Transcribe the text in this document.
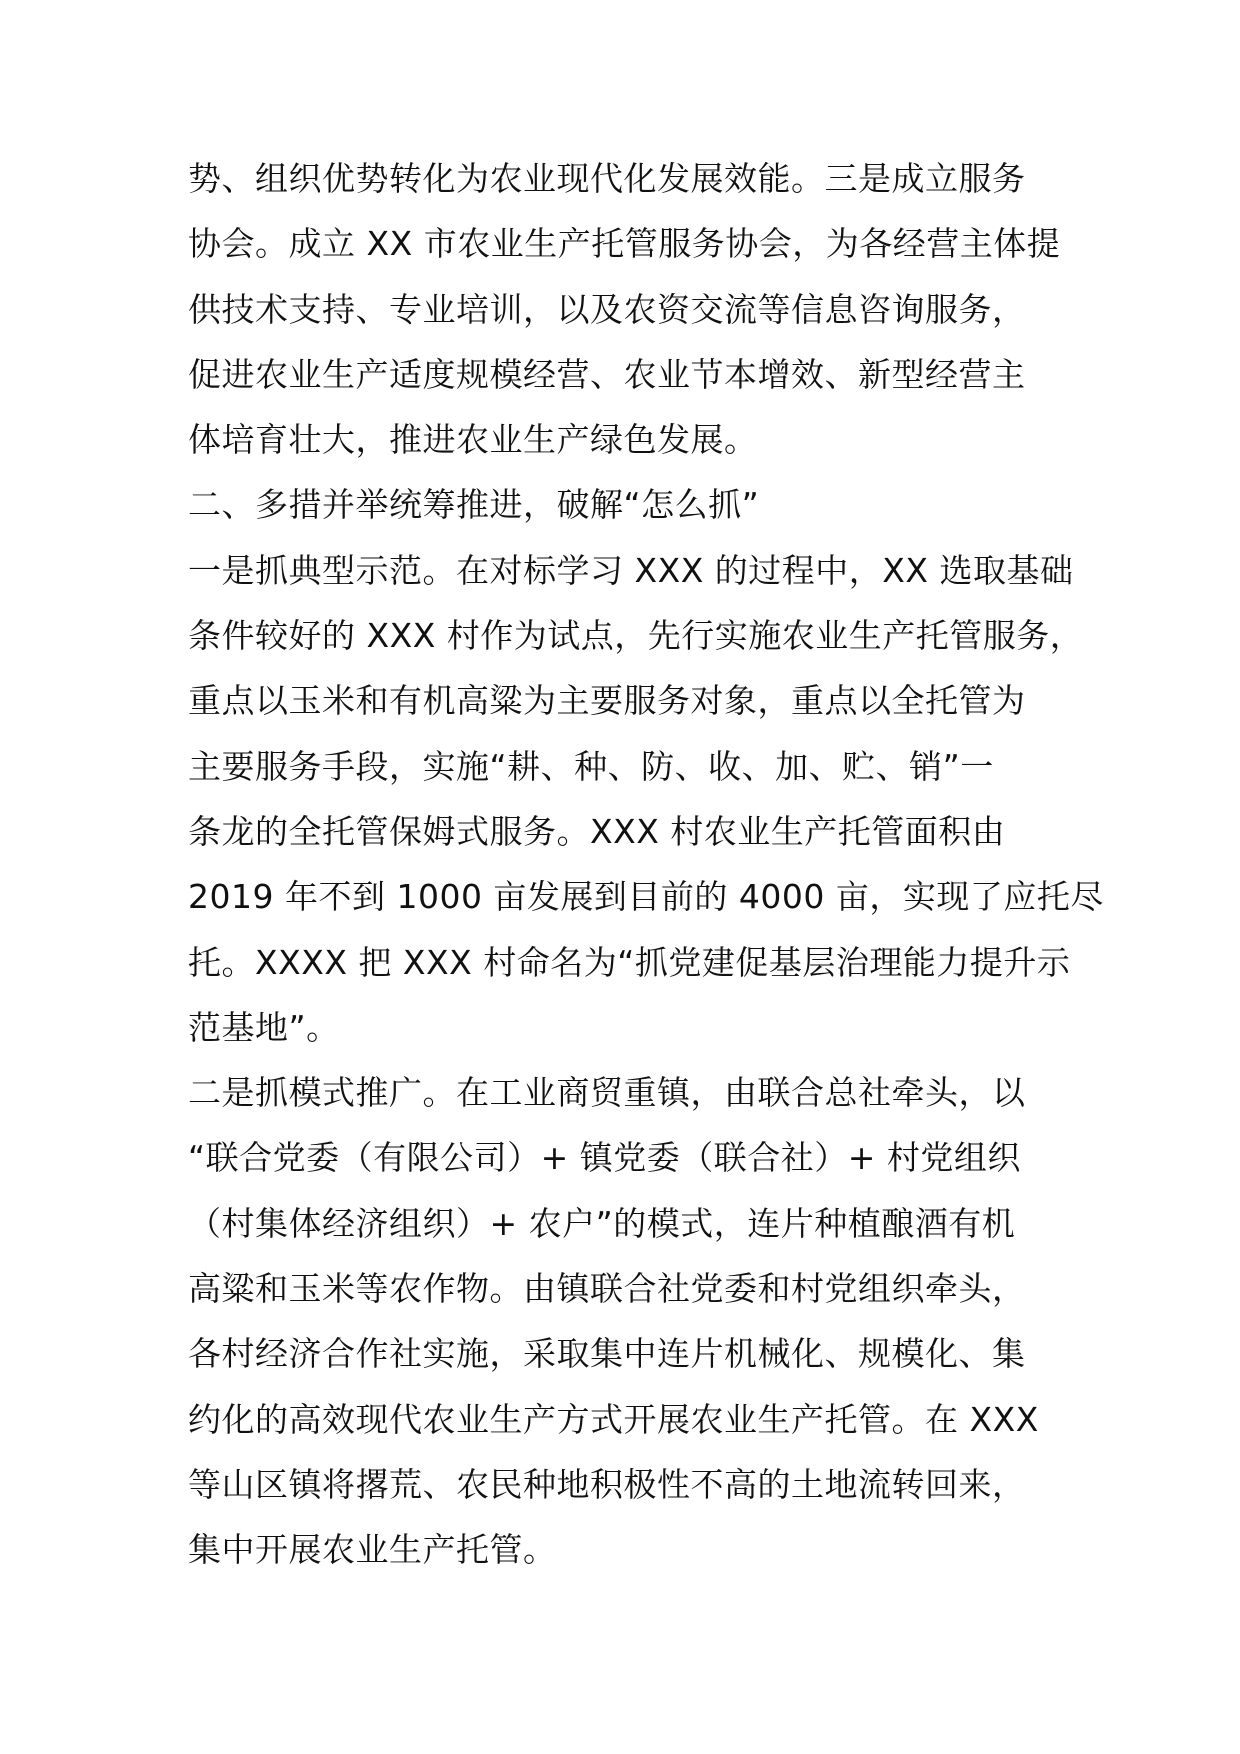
势、组织优势转化为农业现代化发展效能。三是成立服务
协会。成立 XX 市农业生产托管服务协会，为各经营主体提
供技术支持、专业培训，以及农资交流等信息咨询服务，
促进农业生产适度规模经营、农业节本增效、新型经营主
体培育壮大，推进农业生产绿色发展。
二、多措并举统筹推进，破解“怎么抓”
一是抓典型示范。在对标学习 XXX 的过程中，XX 选取基础
条件较好的 XXX 村作为试点，先行实施农业生产托管服务，
重点以玉米和有机高粱为主要服务对象，重点以全托管为
主要服务手段，实施“耕、种、防、收、加、贮、销”一
条龙的全托管保姆式服务。XXX 村农业生产托管面积由
2019 年不到 1000 亩发展到目前的 4000 亩，实现了应托尽
托。XXXX 把 XXX 村命名为“抓党建促基层治理能力提升示
范基地”。
二是抓模式推广。在工业商贸重镇，由联合总社牵头，以
“联合党委（有限公司）+ 镇党委（联合社）+ 村党组织
（村集体经济组织）+ 农户”的模式，连片种植酿酒有机
高粱和玉米等农作物。由镇联合社党委和村党组织牵头，
各村经济合作社实施，采取集中连片机械化、规模化、集
约化的高效现代农业生产方式开展农业生产托管。在 XXX
等山区镇将撂荒、农民种地积极性不高的土地流转回来，
集中开展农业生产托管。
